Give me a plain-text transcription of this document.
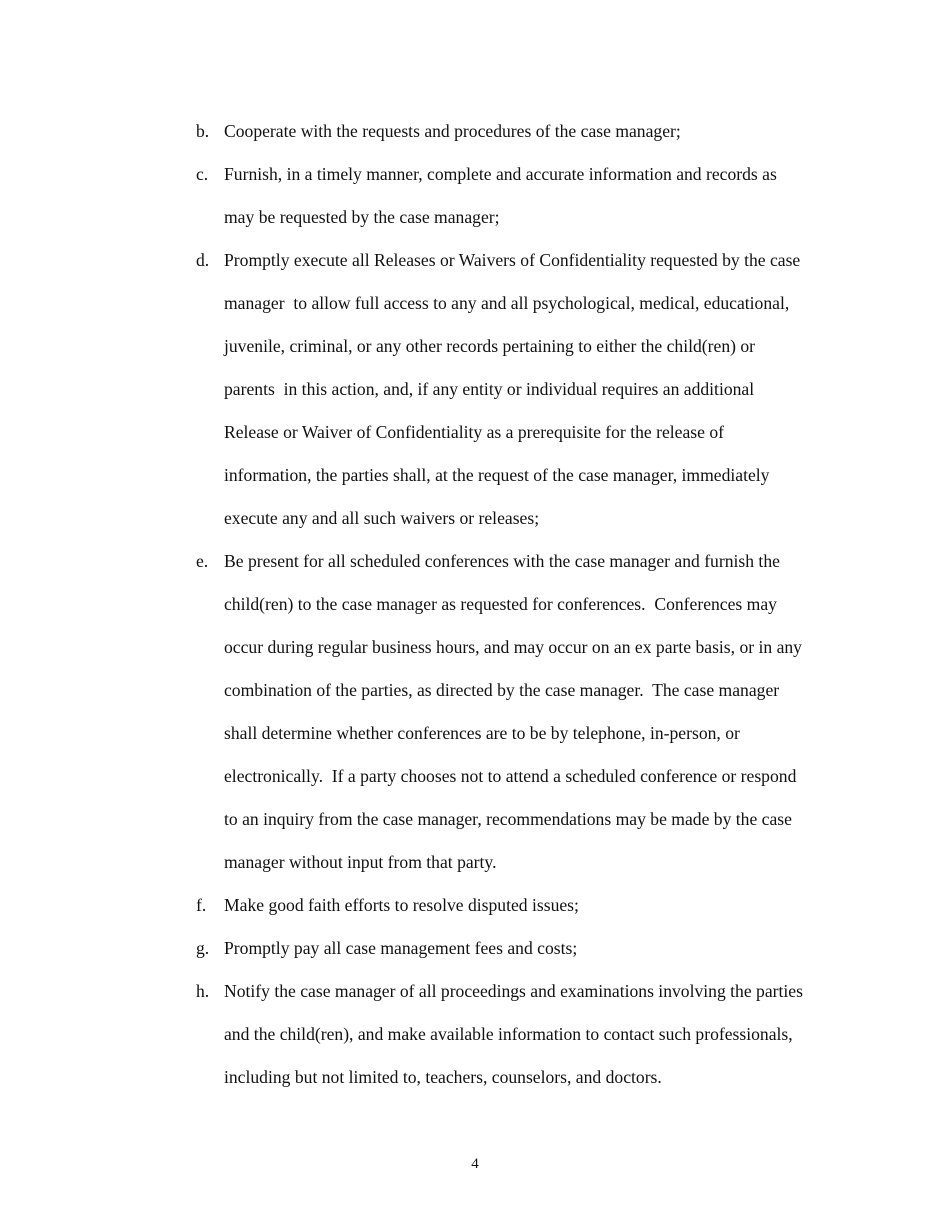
b. Cooperate with the requests and procedures of the case manager;
c. Furnish, in a timely manner, complete and accurate information and records as
may be requested by the case manager;
d. Promptly execute all Releases or Waivers of Confidentiality requested by the case
manager  to allow full access to any and all psychological, medical, educational,
juvenile, criminal, or any other records pertaining to either the child(ren) or
parents  in this action, and, if any entity or individual requires an additional
Release or Waiver of Confidentiality as a prerequisite for the release of
information, the parties shall, at the request of the case manager, immediately
execute any and all such waivers or releases;
e. Be present for all scheduled conferences with the case manager and furnish the
child(ren) to the case manager as requested for conferences.  Conferences may
occur during regular business hours, and may occur on an ex parte basis, or in any
combination of the parties, as directed by the case manager.  The case manager
shall determine whether conferences are to be by telephone, in-person, or
electronically.  If a party chooses not to attend a scheduled conference or respond
to an inquiry from the case manager, recommendations may be made by the case
manager without input from that party.
f.	Make good faith efforts to resolve disputed issues;
g. Promptly pay all case management fees and costs;
h. Notify the case manager of all proceedings and examinations involving the parties
and the child(ren), and make available information to contact such professionals,
including but not limited to, teachers, counselors, and doctors.
4
